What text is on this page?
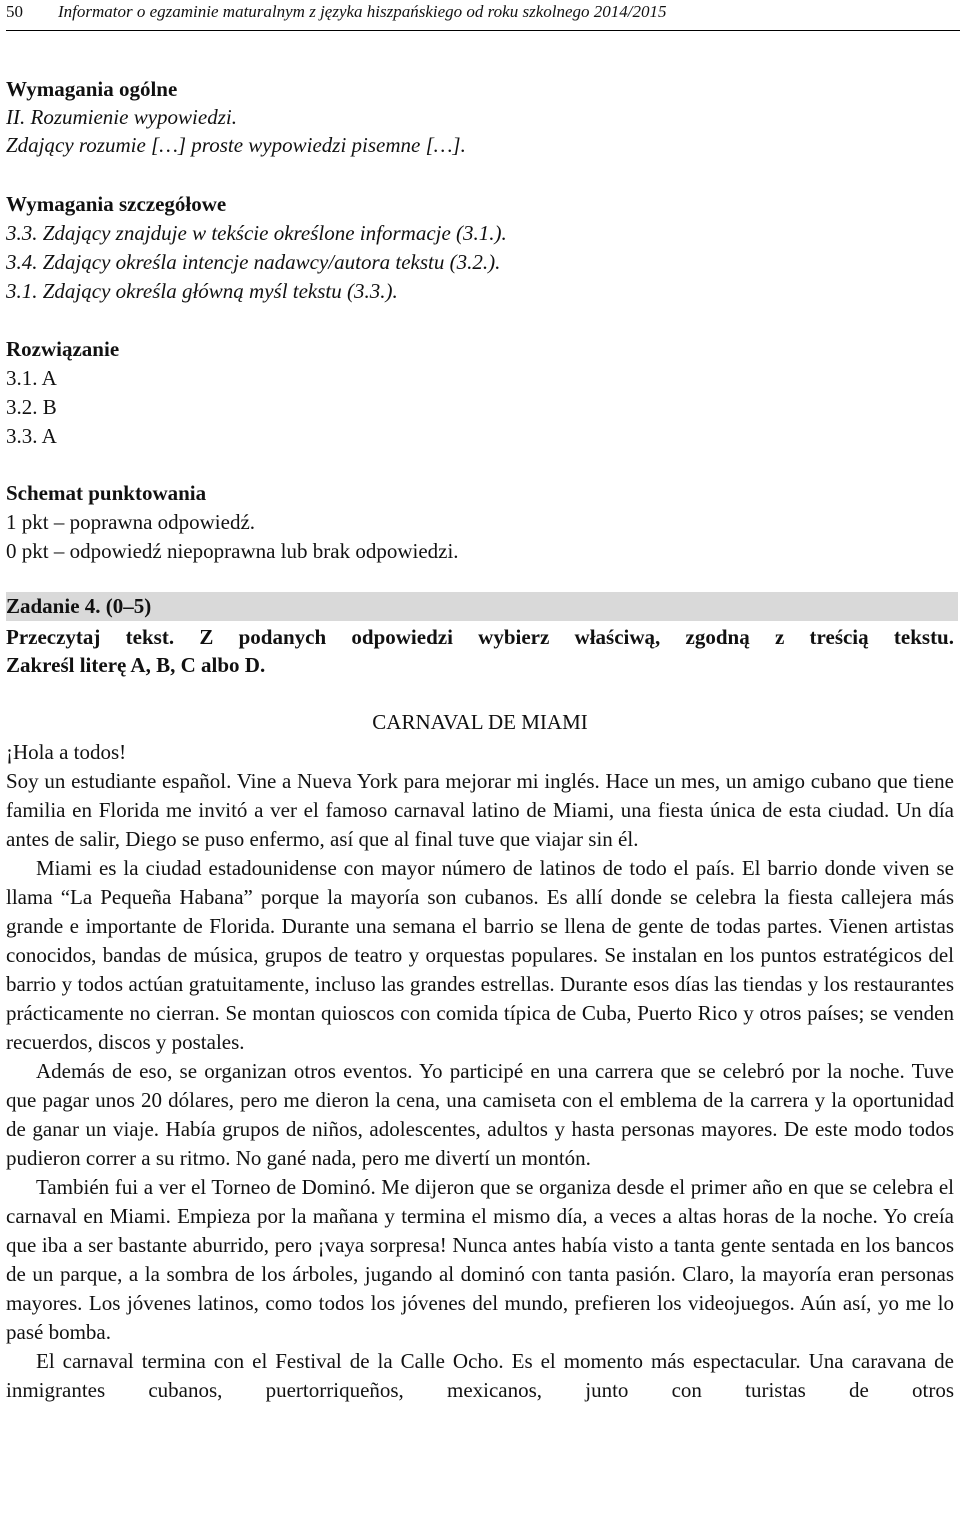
50 Informator o egzaminie maturalnym z języka hiszpańskiego od roku szkolnego 2014/2015
Wymagania ogólne
II. Rozumienie wypowiedzi.
Zdający rozumie […] proste wypowiedzi pisemne […].
Wymagania szczegółowe
3.3. Zdający znajduje w tekście określone informacje (3.1.).
3.4. Zdający określa intencje nadawcy/autora tekstu (3.2.).
3.1. Zdający określa główną myśl tekstu (3.3.).
Rozwiązanie
3.1. A
3.2. B
3.3. A
Schemat punktowania
1 pkt – poprawna odpowiedź.
0 pkt – odpowiedź niepoprawna lub brak odpowiedzi.
Zadanie 4. (0–5)
Przeczytaj tekst. Z podanych odpowiedzi wybierz właściwą, zgodną z treścią tekstu.
Zakreśl literę A, B, C albo D.
CARNAVAL DE MIAMI

¡Hola a todos!

Soy un estudiante español. Vine a Nueva York para mejorar mi inglés. Hace un mes, un amigo cubano que tiene familia en Florida me invitó a ver el famoso carnaval latino de Miami, una fiesta única de esta ciudad. Un día antes de salir, Diego se puso enfermo, así que al final tuve que viajar sin él.

Miami es la ciudad estadounidense con mayor número de latinos de todo el país. El barrio donde viven se llama “La Pequeña Habana” porque la mayoría son cubanos. Es allí donde se celebra la fiesta callejera más grande e importante de Florida. Durante una semana el barrio se llena de gente de todas partes. Vienen artistas conocidos, bandas de música, grupos de teatro y orquestas populares. Se instalan en los puntos estratégicos del barrio y todos actúan gratuitamente, incluso las grandes estrellas. Durante esos días las tiendas y los restaurantes prácticamente no cierran. Se montan quioscos con comida típica de Cuba, Puerto Rico y otros países; se venden recuerdos, discos y postales.

Además de eso, se organizan otros eventos. Yo participé en una carrera que se celebró por la noche. Tuve que pagar unos 20 dólares, pero me dieron la cena, una camiseta con el emblema de la carrera y la oportunidad de ganar un viaje. Había grupos de niños, adolescentes, adultos y hasta personas mayores. De este modo todos pudieron correr a su ritmo. No gané nada, pero me divertí un montón.

También fui a ver el Torneo de Dominó. Me dijeron que se organiza desde el primer año en que se celebra el carnaval en Miami. Empieza por la mañana y termina el mismo día, a veces a altas horas de la noche. Yo creía que iba a ser bastante aburrido, pero ¡vaya sorpresa! Nunca antes había visto a tanta gente sentada en los bancos de un parque, a la sombra de los árboles, jugando al dominó con tanta pasión. Claro, la mayoría eran personas mayores. Los jóvenes latinos, como todos los jóvenes del mundo, prefieren los videojuegos. Aún así, yo me lo pasé bomba.

El carnaval termina con el Festival de la Calle Ocho. Es el momento más espectacular. Una caravana de inmigrantes cubanos, puertorriqueños, mexicanos, junto con turistas de otros
